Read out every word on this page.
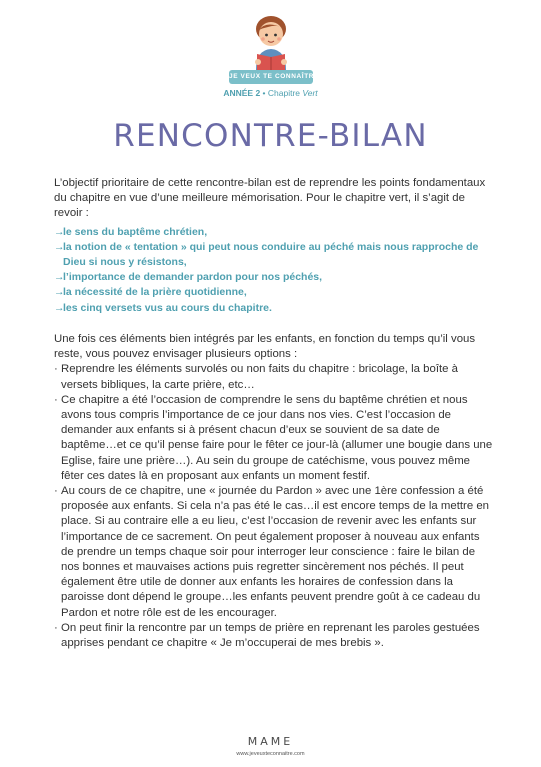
JE VEUX TE CONNAÎTRE
ANNÉE 2 • Chapitre Vert
RENCONTRE-BILAN
L’objectif prioritaire de cette rencontre-bilan est de reprendre les points fondamentaux du chapitre en vue d’une meilleure mémorisation. Pour le chapitre vert, il s’agit de revoir :
→
le sens du baptême chrétien,
→
la notion de « tentation » qui peut nous conduire au péché mais nous rapproche de Dieu si nous y résistons,
→
l’importance de demander pardon pour nos péchés,
→
la nécessité de la prière quotidienne,
→
les cinq versets vus au cours du chapitre.
Une fois ces éléments bien intégrés par les enfants, en fonction du temps qu’il vous reste, vous pouvez envisager plusieurs options :
· Reprendre les éléments survolés ou non faits du chapitre : bricolage, la boîte à versets bibliques, la carte prière, etc…
· Ce chapitre a été l’occasion de comprendre le sens du baptême chrétien et nous avons tous compris l’importance de ce jour dans nos vies. C’est l’occasion de demander aux enfants si à présent chacun d’eux se souvient de sa date de baptême…et ce qu’il pense faire pour le fêter ce jour-là (allumer une bougie dans une Eglise, faire une prière…). Au sein du groupe de catéchisme, vous pouvez même fêter ces dates là en proposant aux enfants un moment festif.
· Au cours de ce chapitre, une « journée du Pardon » avec une 1ère confession a été proposée aux enfants. Si cela n’a pas été le cas…il est encore temps de la mettre en place. Si au contraire elle a eu lieu, c’est l’occasion de revenir avec les enfants sur l’importance de ce sacrement. On peut également proposer à nouveau aux enfants de prendre un temps chaque soir pour interroger leur conscience : faire le bilan de nos bonnes et mauvaises actions puis regretter sincèrement nos péchés. Il peut également être utile de donner aux enfants les horaires de confession dans la paroisse dont dépend le groupe…les enfants peuvent prendre goût à ce cadeau du Pardon et notre rôle est de les encourager.
· On peut finir la rencontre par un temps de prière en reprenant les paroles gestuées apprises pendant ce chapitre « Je m’occuperai de mes brebis ».
MAME
www.jeveuxteconnaitre.com
